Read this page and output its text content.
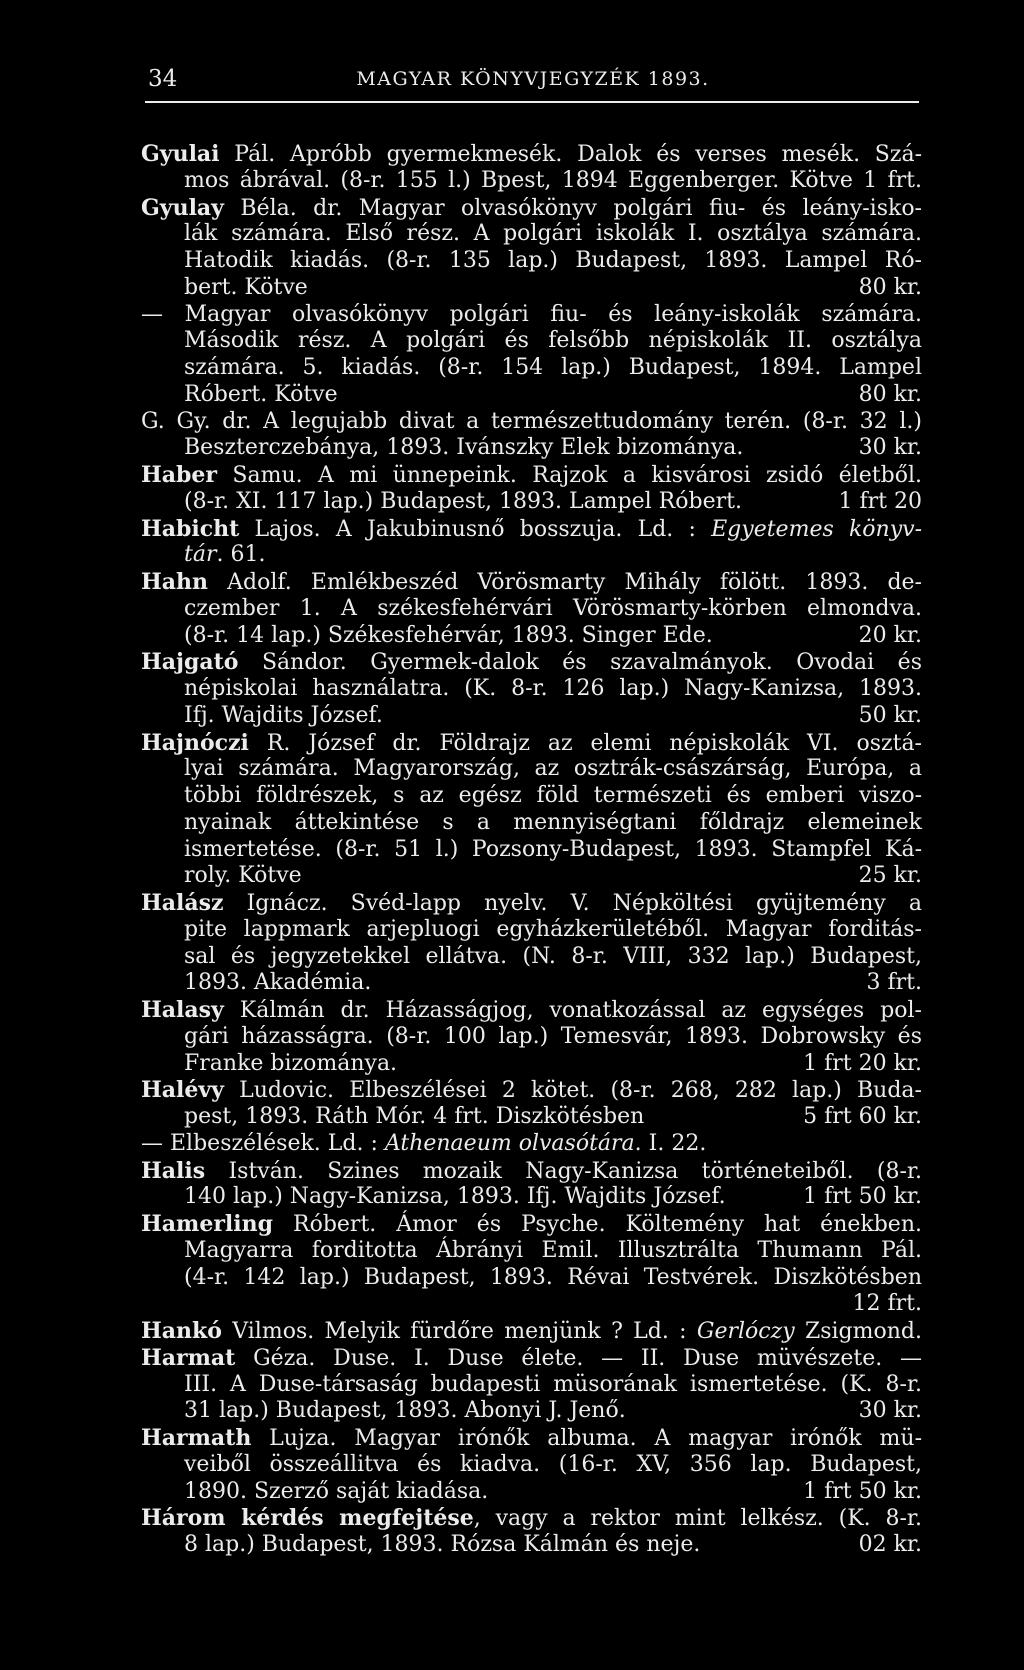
34	MAGYAR KÖNYVJEGYZÉK 1893.
Gyulai Pál. Apróbb gyermekmesék. Dalok és verses mesék. Szá-
mos ábrával. (8-r. 155 l.) Bpest, 1894 Eggenberger. Kötve 1 frt.
Gyulay Béla. dr. Magyar olvasókönyv polgári fiu- és leány-isko-
lák számára. Első rész. A polgári iskolák I. osztálya számára.
Hatodik kiadás. (8-r. 135 lap.) Budapest, 1893. Lampel Ró-
bert. Kötve	80 kr.
— Magyar olvasókönyv polgári fiu- és leány-iskolák számára.
Második rész. A polgári és felsőbb népiskolák II. osztálya
számára. 5. kiadás. (8-r. 154 lap.) Budapest, 1894. Lampel
Róbert. Kötve	80 kr.
G. Gy. dr. A legujabb divat a természettudomány terén. (8-r. 32 l.)
Beszterczebánya, 1893. Ivánszky Elek bizománya.	30 kr.
Haber Samu. A mi ünnepeink. Rajzok a kisvárosi zsidó életből.
(8-r. XI. 117 lap.) Budapest, 1893. Lampel Róbert.	1 frt 20
Habicht Lajos. A Jakubinusnő bosszuja. Ld. : Egyetemes könyv-
tár. 61.
Hahn Adolf. Emlékbeszéd Vörösmarty Mihály fölött. 1893. de-
czember 1. A székesfehérvári Vörösmarty-körben elmondva.
(8-r. 14 lap.) Székesfehérvár, 1893. Singer Ede.	20 kr.
Hajgató Sándor. Gyermek-dalok és szavalmányok. Ovodai és
népiskolai használatra. (K. 8-r. 126 lap.) Nagy-Kanizsa, 1893.
Ifj. Wajdits József.	50 kr.
Hajnóczi R. József dr. Földrajz az elemi népiskolák VI. osztá-
lyai számára. Magyarország, az osztrák-császárság, Európa, a
többi földrészek, s az egész föld természeti és emberi viszo-
nyainak áttekintése s a mennyiségtani főldrajz elemeinek
ismertetése. (8-r. 51 l.) Pozsony-Budapest, 1893. Stampfel Ká-
roly. Kötve	25 kr.
Halász Ignácz. Svéd-lapp nyelv. V. Népköltési gyüjtemény a
pite lappmark arjepluogi egyházkerületéből. Magyar forditás-
sal és jegyzetekkel ellátva. (N. 8-r. VIII, 332 lap.) Budapest,
1893. Akadémia.	3 frt.
Halasy Kálmán dr. Házasságjog, vonatkozással az egységes pol-
gári házasságra. (8-r. 100 lap.) Temesvár, 1893. Dobrowsky és
Franke bizománya.	1 frt 20 kr.
Halévy Ludovic. Elbeszélései 2 kötet. (8-r. 268, 282 lap.) Buda-
pest, 1893. Ráth Mór. 4 frt. Diszkötésben	5 frt 60 kr.
— Elbeszélések. Ld. : Athenaeum olvasótára. I. 22.
Halis István. Szines mozaik Nagy-Kanizsa történeteiből. (8-r.
140 lap.) Nagy-Kanizsa, 1893. Ifj. Wajdits József.	1 frt 50 kr.
Hamerling Róbert. Ámor és Psyche. Költemény hat énekben.
Magyarra forditotta Ábrányi Emil. Illusztrálta Thumann Pál.
(4-r. 142 lap.) Budapest, 1893. Révai Testvérek. Diszkötésben
12 frt.
Hankó Vilmos. Melyik fürdőre menjünk ? Ld. : Gerlóczy Zsigmond.
Harmat Géza. Duse. I. Duse élete. — II. Duse müvészete. —
III. A Duse-társaság budapesti müsorának ismertetése. (K. 8-r.
31 lap.) Budapest, 1893. Abonyi J. Jenő.	30 kr.
Harmath Lujza. Magyar irónők albuma. A magyar irónők mü-
veiből összeállitva és kiadva. (16-r. XV, 356 lap. Budapest,
1890. Szerző saját kiadása.	1 frt 50 kr.
Három kérdés megfejtése, vagy a rektor mint lelkész. (K. 8-r.
8 lap.) Budapest, 1893. Rózsa Kálmán és neje.	02 kr.
